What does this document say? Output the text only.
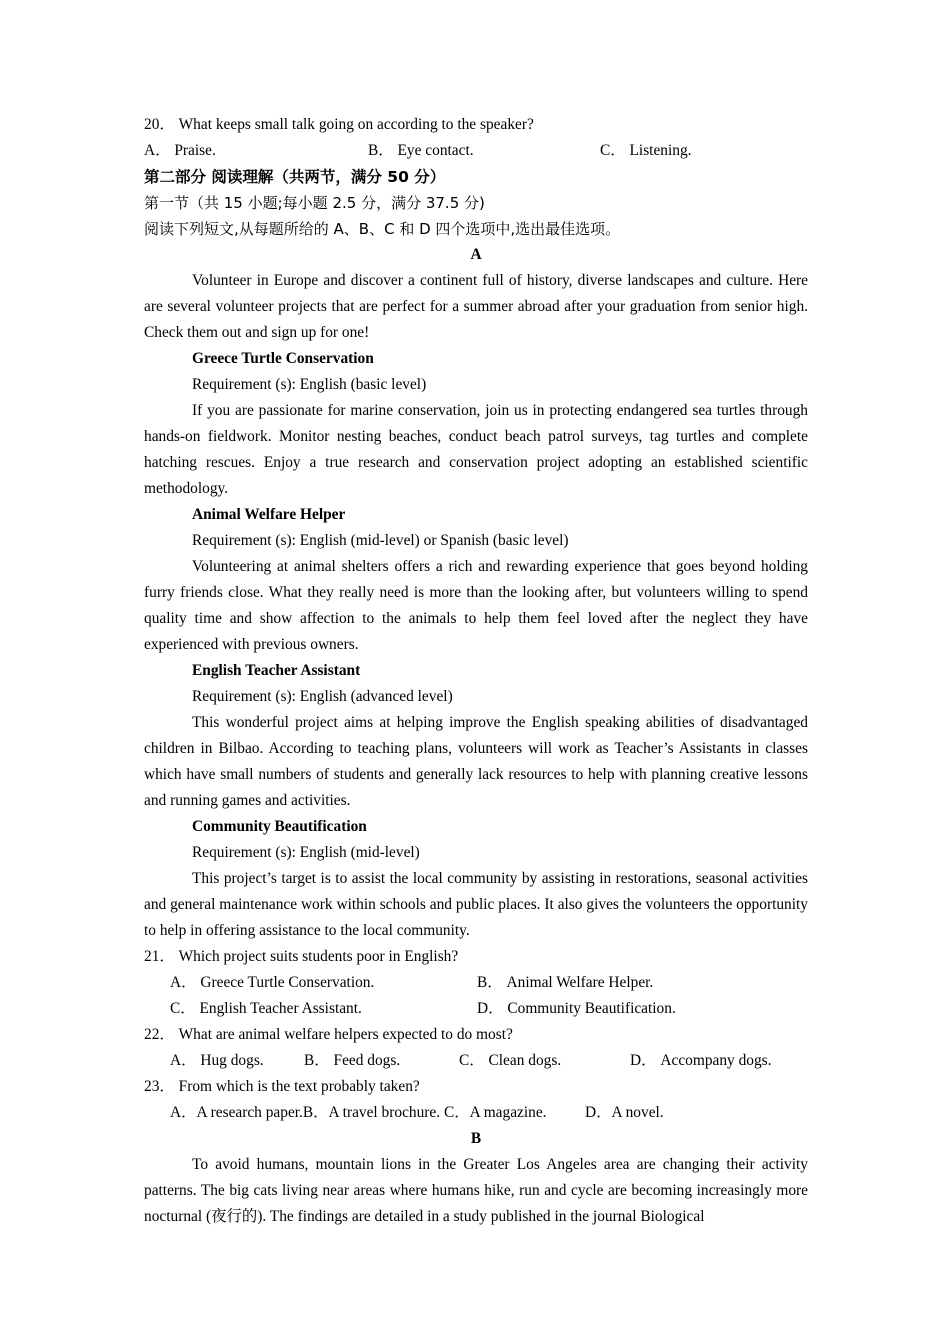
20． What keeps small talk going on according to the speaker?
A． Praise.	B． Eye contact.	C． Listening.
第二部分 阅读理解（共两节，满分 50 分）
第一节（共 15 小题;每小题 2.5 分，满分 37.5 分)
阅读下列短文,从每题所给的 A、B、C 和 D 四个选项中,选出最佳选项。
A

Volunteer in Europe and discover a continent full of history, diverse landscapes and culture. Here are several volunteer projects that are perfect for a summer abroad after your graduation from senior high. Check them out and sign up for one!

Greece Turtle Conservation
Requirement (s): English (basic level)

If you are passionate for marine conservation, join us in protecting endangered sea turtles through hands-on fieldwork. Monitor nesting beaches, conduct beach patrol surveys, tag turtles and complete hatching rescues. Enjoy a true research and conservation project adopting an established scientific methodology.

Animal Welfare Helper
Requirement (s): English (mid-level) or Spanish (basic level)

Volunteering at animal shelters offers a rich and rewarding experience that goes beyond holding furry friends close. What they really need is more than the looking after, but volunteers willing to spend quality time and show affection to the animals to help them feel loved after the neglect they have experienced with previous owners.

English Teacher Assistant
Requirement (s): English (advanced level)

This wonderful project aims at helping improve the English speaking abilities of disadvantaged children in Bilbao. According to teaching plans, volunteers will work as Teacher’s Assistants in classes which have small numbers of students and generally lack resources to help with planning creative lessons and running games and activities.

Community Beautification
Requirement (s): English (mid-level)

This project’s target is to assist the local community by assisting in restorations, seasonal activities and general maintenance work within schools and public places. It also gives the volunteers the opportunity to help in offering assistance to the local community.

21． Which project suits students poor in English?
A． Greece Turtle Conservation.	B． Animal Welfare Helper.
C． English Teacher Assistant.	D． Community Beautification.
22． What are animal welfare helpers expected to do most?
A． Hug dogs.	B． Feed dogs.	C． Clean dogs.	D． Accompany dogs.
23． From which is the text probably taken?
A．A research paper.B．A travel brochure. C．A magazine.          D．A novel.
B

To avoid humans, mountain lions in the Greater Los Angeles area are changing their activity patterns. The big cats living near areas where humans hike, run and cycle are becoming increasingly more nocturnal (夜行的). The findings are detailed in a study published in the journal Biological
